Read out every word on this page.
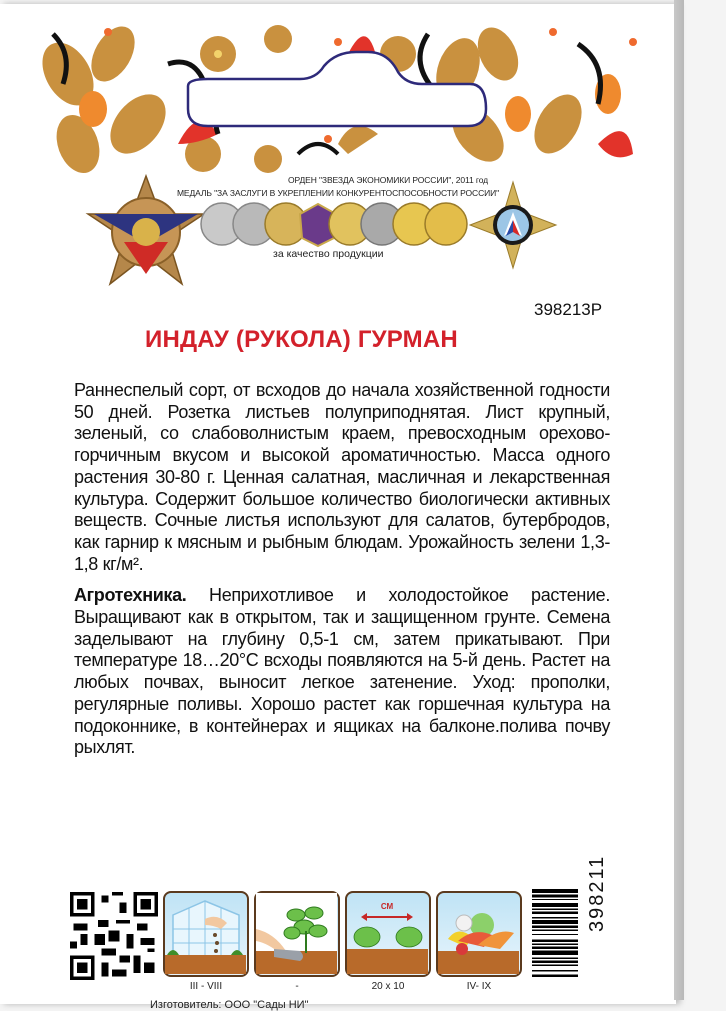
ОРДЕН "ЗВЕЗДА ЭКОНОМИКИ РОССИИ", 2011 год
МЕДАЛЬ "ЗА ЗАСЛУГИ В УКРЕПЛЕНИИ КОНКУРЕНТОСПОСОБНОСТИ РОССИИ"
за качество продукции
398213Р
ИНДАУ (РУКОЛА) ГУРМАН

Раннеспелый сорт, от всходов до начала хозяйственной годности 50 дней. Розетка листьев полуприподнятая. Лист крупный, зеленый, со слабоволнистым краем, превосходным орехово-горчичным вкусом и высокой ароматичностью. Масса одного растения 30-80 г. Ценная салатная, масличная и лекарственная культура. Содержит большое количество биологически активных веществ. Сочные листья используют для салатов, бутербродов, как гарнир к мясным и рыбным блюдам. Урожайность зелени 1,3-1,8 кг/м².

Агротехника. Неприхотливое и холодостойкое растение. Выращивают как в открытом, так и защищенном грунте. Семена заделывают на глубину 0,5-1 см, затем прикатывают. При температуре 18…20°С всходы появляются на 5-й день. Растет на любых почвах, выносит легкое затенение. Уход: прополки, регулярные поливы. Хорошо растет как горшечная культура на подоконнике, в контейнерах и ящиках на балконе.полива почву рыхлят.

III - VIII	-
СМ
20 x 10	IV- IX
398211
Изготовитель: ООО "Сады НИ"
